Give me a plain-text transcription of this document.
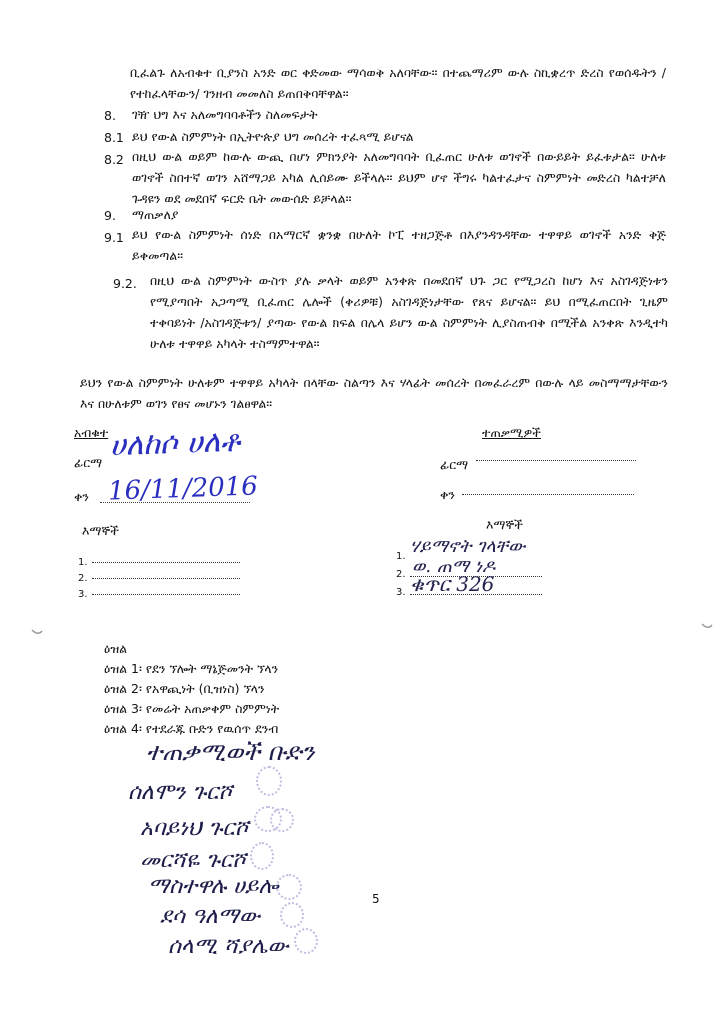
ቢፈልጉ ለአብቁተ ቢያንስ አንድ ወር ቀድመው ማሳወቅ አለባቸው። በተጨማሪም ውሉ ስኪቋረጥ ድረስ የወሰዱትን /የተከፈላቸውን/ ገንዘብ መመለስ ይጠበቅባቸዋል።
8. ገዥ ህግ እና አለመግባባቶችን ስለመፍታት
8.1 ይህ የውል ስምምነት በኢትዮጵያ ህግ መሰረት ተፈጻሚ ይሆናል
8.2 በዚህ ውል ወይም ከውሉ ውጪ በሆነ ምክንያት አለመግባባት ቢፈጠር ሁለቱ ወገኖች በውይይት ይፈቱታል። ሁለቱ ወገኖች ስበተኛ ወገን አሸማጋይ አካል ሊሰይሙ ይችላሉ። ይህም ሆኖ ችግሩ ካልተፈታና ስምምነት መድረስ ካልተቻለ ጉዳዩን ወደ መደበኛ ፍርድ ቤት መውሰድ ይቻላል።
9. ማጠቃለያ
9.1 ይህ የውል ስምምነት ሰነድ በአማርኛ ቋንቋ በሁለት ኮፒ ተዘጋጅቶ በእያንዳንዳቸው ተዋዋይ ወገኖች አንድ ቅጅ ይቀመጣል።
9.2. በዚህ ውል ስምምነት ውስጥ ያሉ ቃላት ወይም አንቀጽ በመደበኛ ህጉ ጋር የሚጋረስ ከሆነ እና አስገዳጅነቱን የሚያጣበት አጋጣሚ ቢፈጠር ሌሎች (ቀሪዎቹ) አስገዳጅነታቸው የጸና ይሆናል። ይህ በሚፈጠርበት ጊዜም ተቀባይነት /አስገዳጅቱን/ ያጣው የውል ክፍል በሌላ ይሆን ውል ስምምነት ሊያስጠብቅ በሚችል አንቀጽ እንዲተካ ሁለቱ ተዋዋይ አካላት ተስማምተዋል።
ይህን የውል ስምምነት ሁለቱም ተዋዋይ አካላት በላቸው ስልጣን እና ሃላፊት መሰረት በመፈራረም በውሉ ላይ መስማማታቸውን እና በሁለቱም ወገን የፀና መሆኑን ገልፀዋል።
አብቁተ
ፊርማ ሀለከሶ ሀለቶ
ቀን 16/11/2016
ተጠቃሚዎች
ፊርማ
ቀን
እማኞች
1.
2.
3.
እማኞች
1. ሃይማኖት ገላቸው
2. ወ. ጠማ ነዶ
3. ቁጥር 326
ዕዝል
ዕዝል 1፡ የደን ኘሎት ማኔጅመንት ኘላን
ዕዝል 2፡ የአዋጪነት (ቢዝነስ) ኘላን
ዕዝል 3፡ የመሬት አጠቃቀም ስምምነት
ዕዝል 4፡ የተደራጁ ቡድን የዉሰጥ ደንብ
ተጠቃሚወች ቡድን
ሰለሞን ጉርሾ
አባይነህ ጉርሾ
መርሻዬ ጉርሾ
ማስተዋሉ ሀይሎ
ደሳ ዓለማው
ሰላሚ ሻያሌው
5
